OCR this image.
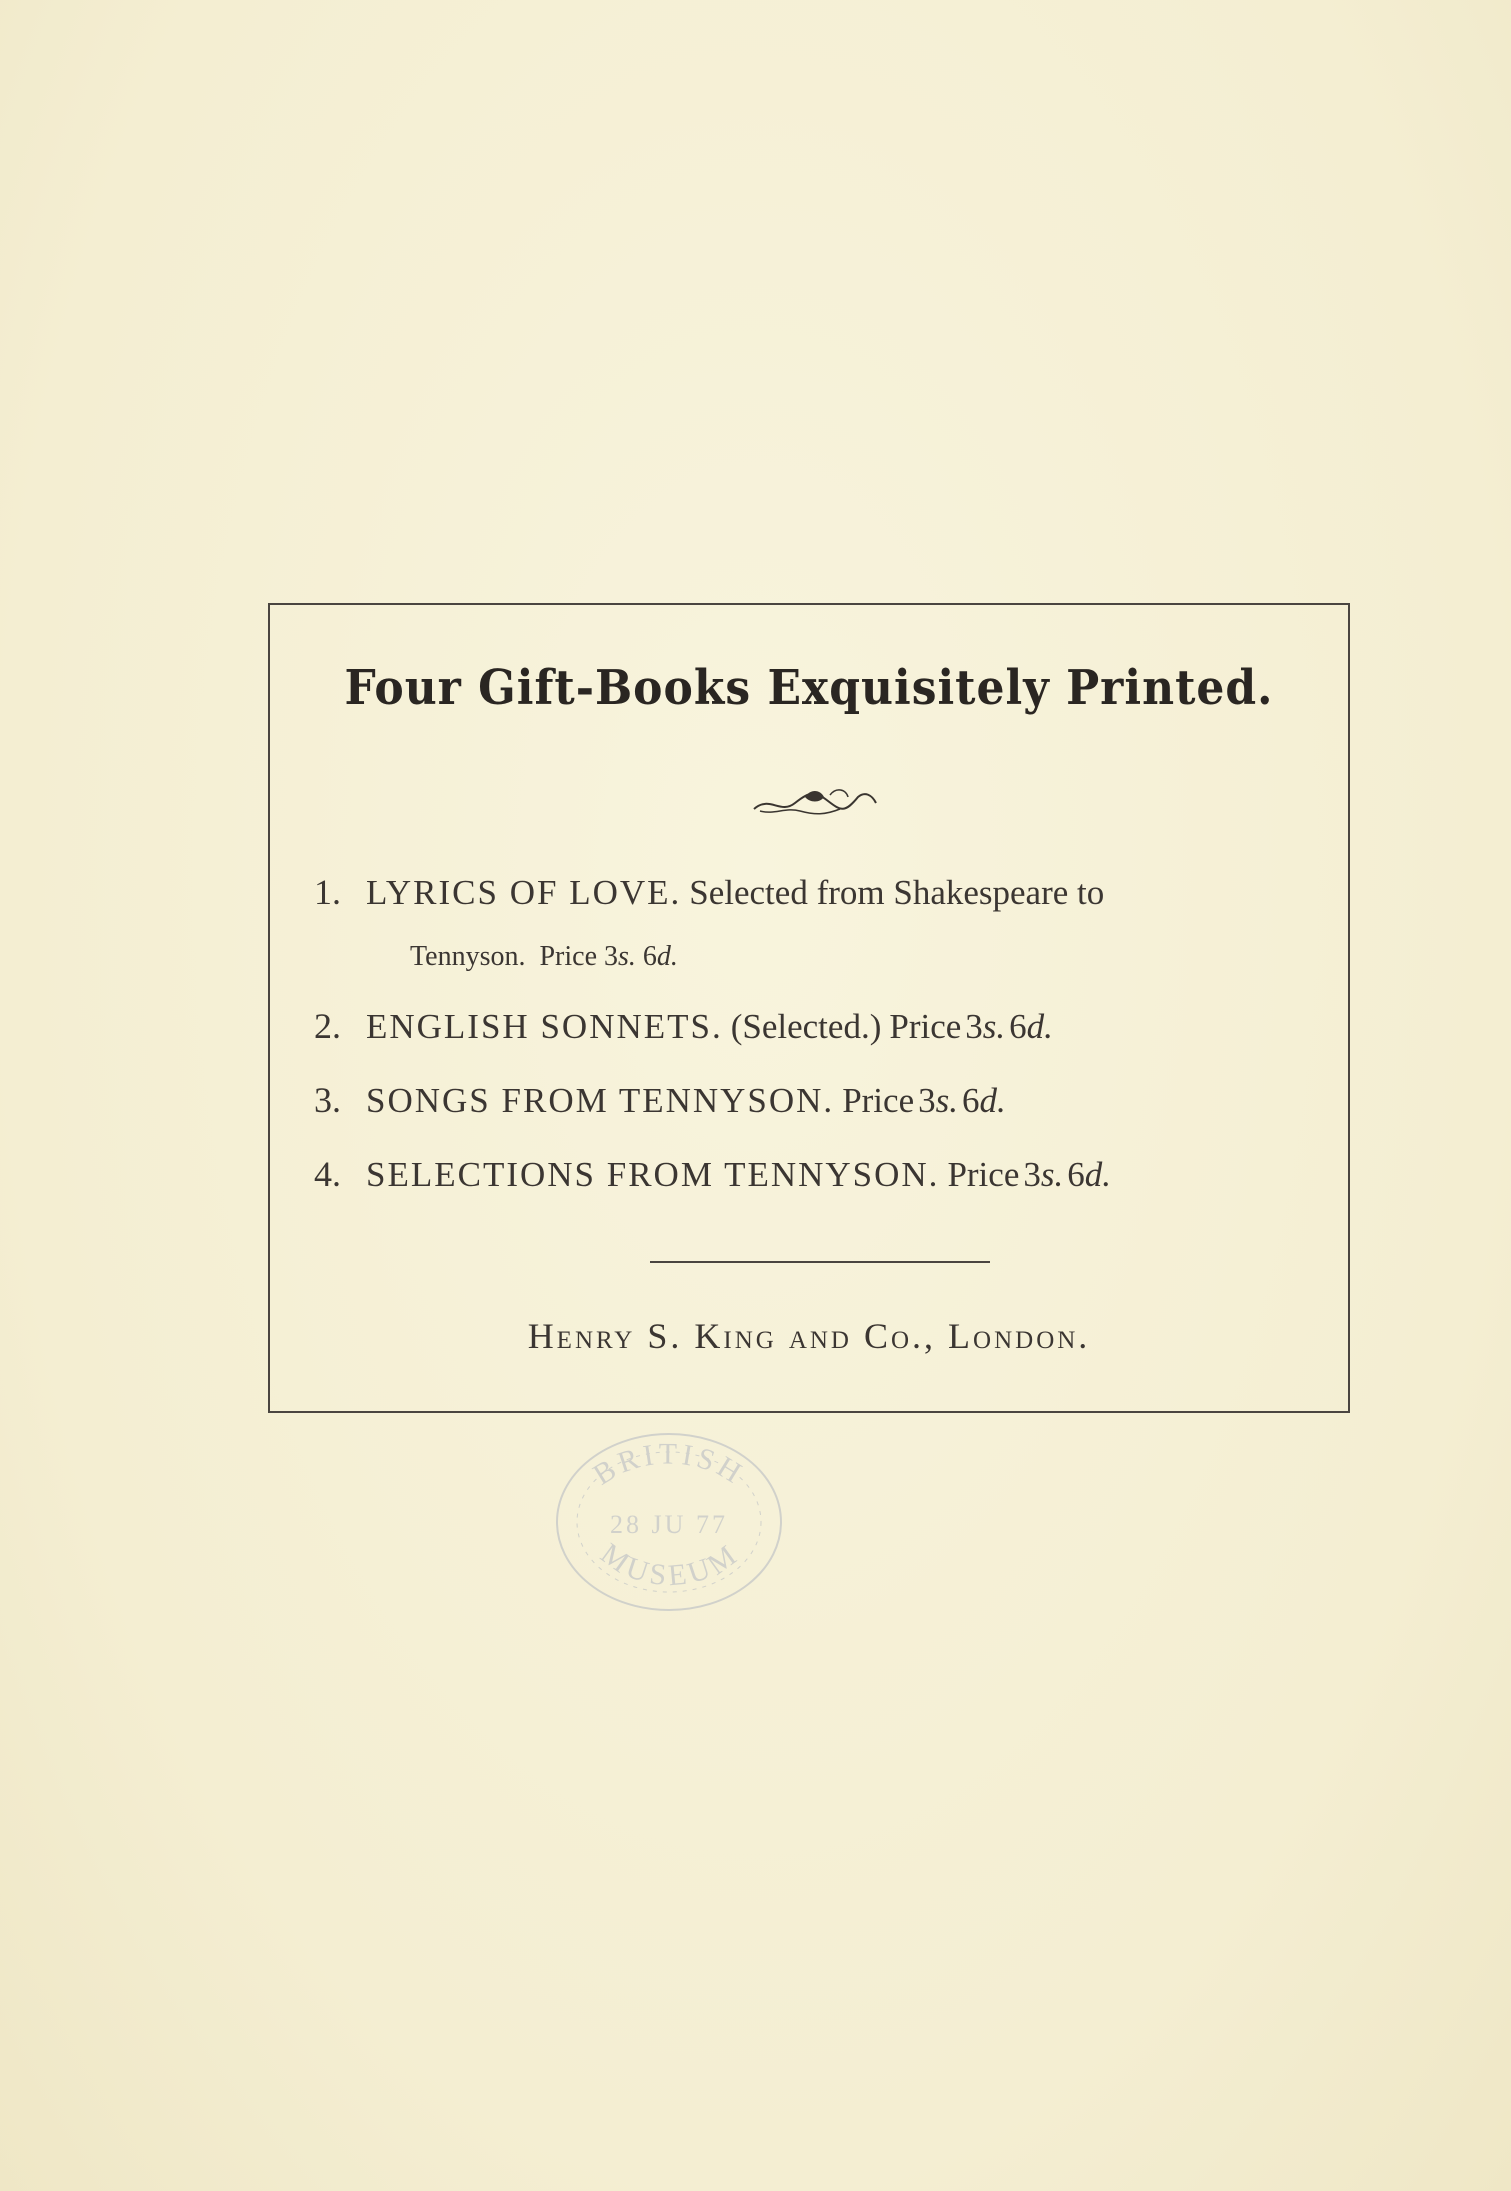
Four Gift-Books Exquisitely Printed.
1. LYRICS OF LOVE. Selected from Shakespeare to
Tennyson. Price 3s. 6d.
2. ENGLISH SONNETS. (Selected.) Price 3s. 6d.
3. SONGS FROM TENNYSON. Price 3s. 6d.
4. SELECTIONS FROM TENNYSON. Price 3s. 6d.
Henry S. King and Co., London.
BRITISH
28 JU 77
MUSEUM
